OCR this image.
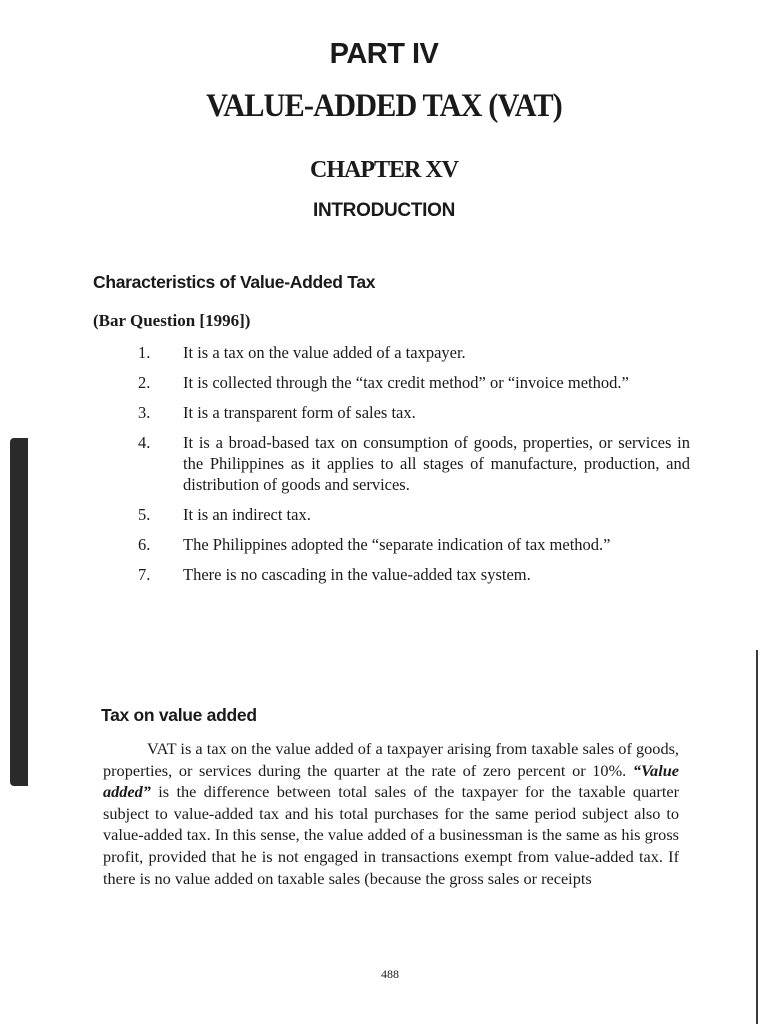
PART IV
VALUE-ADDED TAX (VAT)
CHAPTER XV
INTRODUCTION
Characteristics of Value-Added Tax
(Bar Question [1996])
1.	It is a tax on the value added of a taxpayer.
2.	It is collected through the “tax credit method” or “invoice method.”
3.	It is a transparent form of sales tax.
4.	It is a broad-based tax on consumption of goods, properties, or services in the Philippines as it applies to all stages of manufacture, production, and distribution of goods and services.
5.	It is an indirect tax.
6.	The Philippines adopted the “separate indication of tax method.”
7.	There is no cascading in the value-added tax system.
Tax on value added

VAT is a tax on the value added of a taxpayer arising from taxable sales of goods, properties, or services during the quarter at the rate of zero percent or 10%. “Value added” is the difference between total sales of the taxpayer for the taxable quarter subject to value-added tax and his total purchases for the same period subject also to value-added tax. In this sense, the value added of a businessman is the same as his gross profit, provided that he is not engaged in transactions exempt from value-added tax. If there is no value added on taxable sales (because the gross sales or receipts

488
